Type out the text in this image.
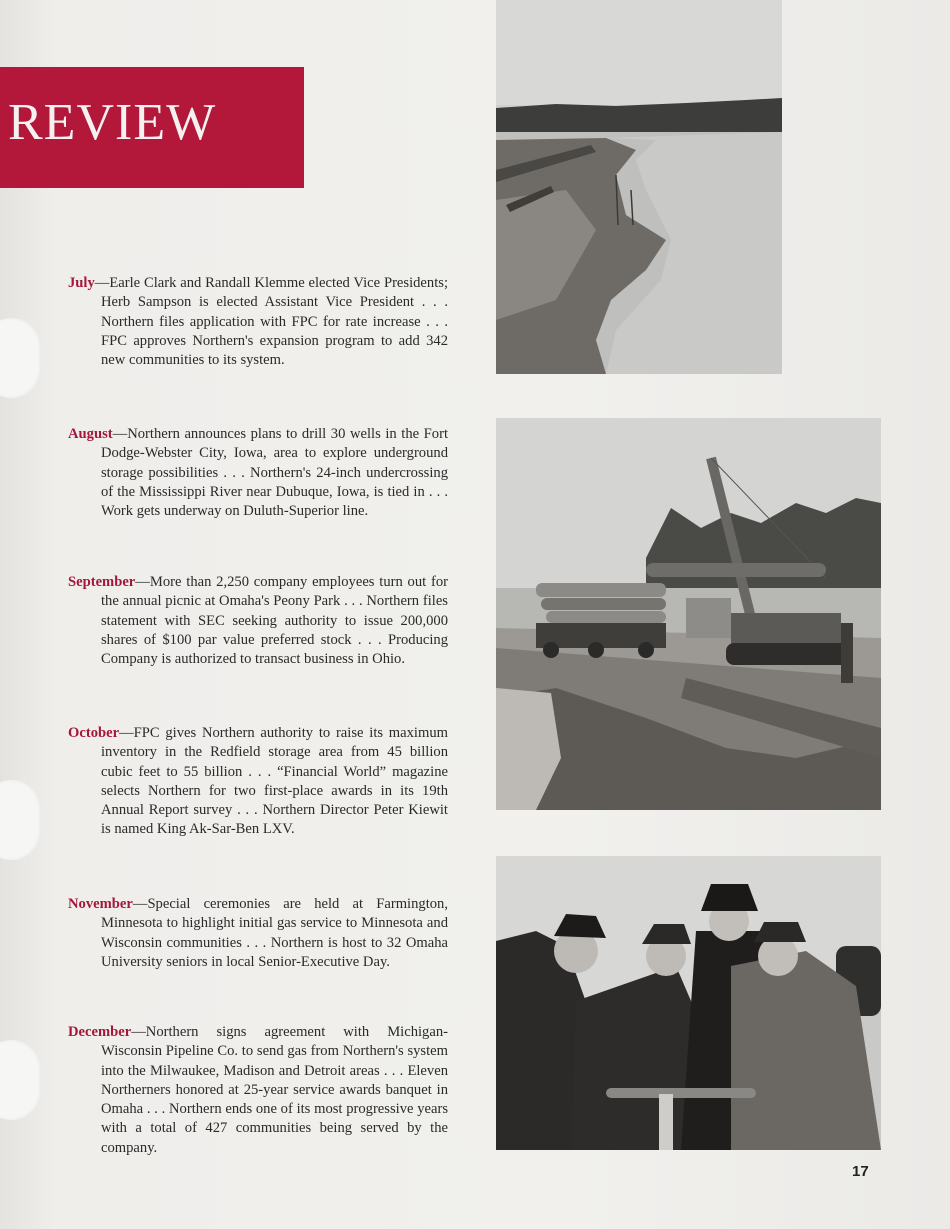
REVIEW

July—Earle Clark and Randall Klemme elected Vice Presidents; Herb Sampson is elected Assistant Vice President . . . Northern files application with FPC for rate increase . . . FPC approves Northern's expansion program to add 342 new communities to its system.

August—Northern announces plans to drill 30 wells in the Fort Dodge-Webster City, Iowa, area to explore underground storage possibilities . . . Northern's 24-inch undercrossing of the Mississippi River near Dubuque, Iowa, is tied in . . . Work gets underway on Duluth-Superior line.

September—More than 2,250 company employees turn out for the annual picnic at Omaha's Peony Park . . . Northern files statement with SEC seeking authority to issue 200,000 shares of $100 par value preferred stock . . . Producing Company is authorized to transact business in Ohio.

October—FPC gives Northern authority to raise its maximum inventory in the Redfield storage area from 45 billion cubic feet to 55 billion . . . “Financial World” magazine selects Northern for two first-place awards in its 19th Annual Report survey . . . Northern Director Peter Kiewit is named King Ak-Sar-Ben LXV.

November—Special ceremonies are held at Farmington, Minnesota to highlight initial gas service to Minnesota and Wisconsin communities . . . Northern is host to 32 Omaha University seniors in local Senior-Executive Day.

December—Northern signs agreement with Michigan-Wisconsin Pipeline Co. to send gas from Northern's system into the Milwaukee, Madison and Detroit areas . . . Eleven Northerners honored at 25-year service awards banquet in Omaha . . . Northern ends one of its most progressive years with a total of 427 communities being served by the company.

17
